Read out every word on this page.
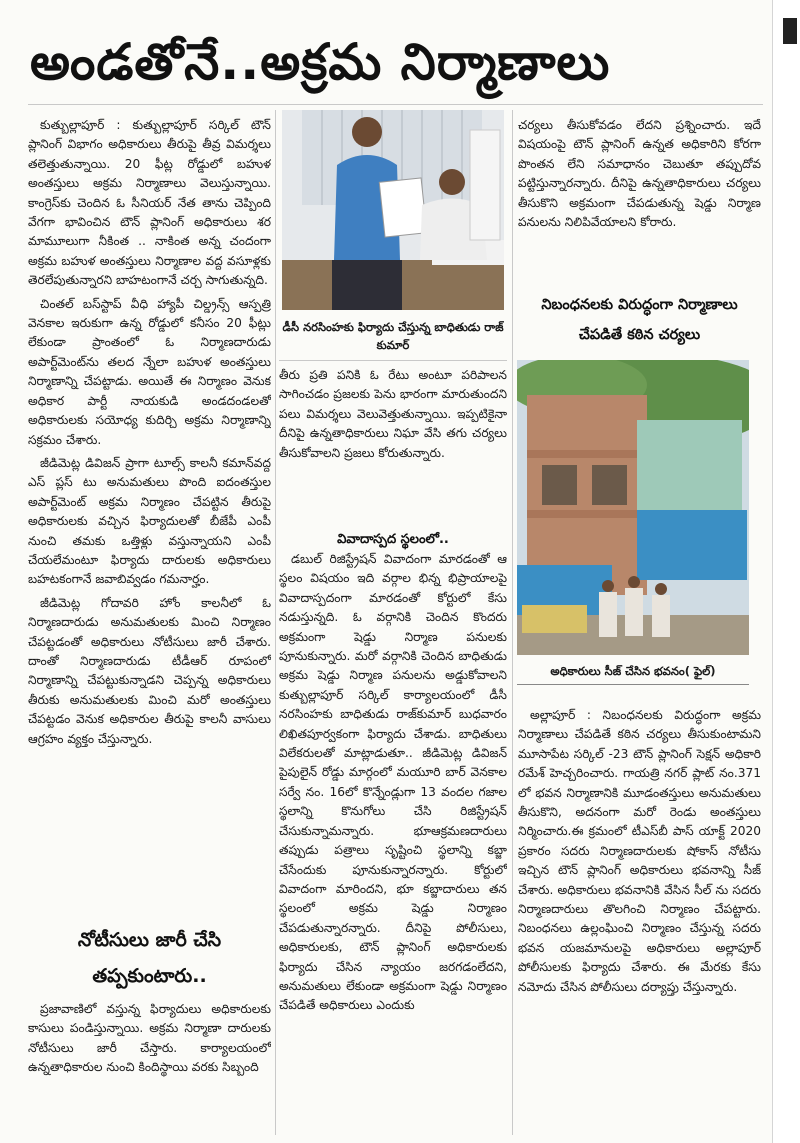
అండతోనే..అక్రమ నిర్మాణాలు

కుత్బుల్లాపూర్ : కుత్బుల్లాపూర్ సర్కిల్ టౌన్ ప్లానింగ్ విభాగం అధికారులు తీరుపై తీవ్ర విమర్శలు తలెత్తుతున్నాయి. 20 ఫీట్ల రోడ్డులో బహుళ అంతస్తులు అక్రమ నిర్మాణాలు వెలుస్తున్నాయి. కాంగ్రెస్‌కు చెందిన ఓ సీనియర్ నేత తాను చెప్పింది వేగగా భావించిన టౌన్ ప్లానింగ్ అధికారులు శర మామూలుగా నీకింత .. నాకింత అన్న చందంగా అక్రమ బహుళ అంతస్తులు నిర్మాణాల వద్ద వసూళ్లకు తెరలేపుతున్నారని బాహటంగానే చర్చ సాగుతున్నది.

చింతల్ బస్‌స్టాప్ వీధి హ్యాపీ చిల్డ్రన్స్ ఆస్పత్రి వెనకాల ఇరుకుగా ఉన్న రోడ్డులో కనీసం 20 ఫీట్లు లేకుండా ప్రాంతంలో ఓ నిర్మాణదారుడు అపార్ట్‌మెంట్‌ను తలద న్నేలా బహుళ అంతస్తులు నిర్మాణాన్ని చేపట్టాడు. అయితే ఈ నిర్మాణం వెనుక అధికార పార్టీ నాయకుడి అండదండలతో అధికారులకు సయోధ్య కుదిర్చి అక్రమ నిర్మాణాన్ని సక్రమం చేశారు.

జీడిమెట్ల డివిజన్ ప్రాగా టూల్స్ కాలనీ కమాన్‌వద్ద ఎస్ ప్లస్ టు అనుమతులు పొంది ఐదంతస్తుల అపార్ట్‌మెంట్ అక్రమ నిర్మాణం చేపట్టిన తీరుపై అధికారులకు వచ్చిన ఫిర్యాదులతో బీజేపీ ఎంపీ నుంచి తమకు ఒత్తిళ్లు వస్తున్నాయని ఎంపీ చేయలేమంటూ ఫిర్యాదు దారులకు అధికారులు బహటకంగానే జవాబివ్వడం గమనార్హం.

జీడిమెట్ల గోదావరి హోం కాలనీలో ఓ నిర్మాణదారుడు అనుమతులకు మించి నిర్మాణం చేపట్టడంతో అధికారులు నోటీసులు జారీ చేశారు. దాంతో నిర్మాణదారుడు టీడీఆర్ రూపంలో నిర్మాణాన్ని చేపట్టుకున్నాడని చెప్పన్న అధికారులు తీరుకు అనుమతులకు మించి మరో అంతస్తులు చేపట్టడం వెనుక అధికారుల తీరుపై కాలనీ వాసులు ఆగ్రహం వ్యక్తం చేస్తున్నారు.

నోటీసులు జారీ చేసి తప్పకుంటారు..

ప్రజావాణిలో వస్తున్న ఫిర్యాదులు అధికారులకు కాసులు పండిస్తున్నాయి. అక్రమ నిర్మాణా దారులకు నోటీసులు జారీ చేస్తారు. కార్యాలయంలో ఉన్నతాధికారుల నుంచి కిందిస్థాయి వరకు సిబ్బంది

డీసీ నరసింహకు ఫిర్యాదు చేస్తున్న బాధితుడు రాజ్ కుమార్

తీరు ప్రతి పనికి ఓ రేటు అంటూ పరిపాలన సాగించడం ప్రజలకు పెను భారంగా మారుతుందని పలు విమర్శలు వెలువెత్తుతున్నాయి. ఇప్పటికైనా దీనిపై ఉన్నతాధికారులు నిఘా వేసి తగు చర్యలు తీసుకోవాలని ప్రజలు కోరుతున్నారు.

వివాదాస్పద స్థలంలో..

డబుల్ రిజిస్ట్రేషన్ వివాదంగా మారడంతో ఆ స్థలం విషయం ఇది వర్గాల భిన్న భిప్రాయాలపై వివాదాస్పదంగా మారడంతో కోర్టులో కేసు నడుస్తున్నది. ఓ వర్గానికి చెందిన కొందరు అక్రమంగా షెడ్డు నిర్మాణ పనులకు పూనుకున్నారు. మరో వర్గానికి చెందిన బాధితుడు అక్రమ షెడ్డు నిర్మాణ పనులను అడ్డుకోవాలని కుత్బుల్లాపూర్ సర్కిల్ కార్యాలయంలో డీసీ నరసింహకు బాధితుడు రాజ్‌కుమార్ బుధవారం లిఖితపూర్వకంగా ఫిర్యాదు చేశాడు. బాధితులు విలేకరులతో మాట్లాడుతూ.. జీడిమెట్ల డివిజన్ పైపులైన్ రోడ్డు మార్గంలో మయూరి బార్ వెనకాల సర్వే నం. 16లో కొన్నేండ్లుగా 13 వందల గజాల స్థలాన్ని కొనుగోలు చేసి రిజిస్ట్రేషన్ చేసుకున్నామన్నారు. భూఆక్రమణదారులు తప్పుడు పత్రాలు సృష్టించి స్థలాన్ని కబ్జా చేసేందుకు పూనుకున్నారన్నారు. కోర్టులో వివాదంగా మారిందని, భూ కబ్జాదారులు తన స్థలంలో అక్రమ షెడ్డు నిర్మాణం చేపడుతున్నారన్నారు. దీనిపై పోలీసులు, అధికారులకు, టౌన్ ప్లానింగ్ అధికారులకు ఫిర్యాదు చేసిన న్యాయం జరగడంలేదని, అనుమతులు లేకుండా అక్రమంగా షెడ్డు నిర్మాణం చేపడితే అధికారులు ఎందుకు

చర్యలు తీసుకోవడం లేదని ప్రశ్నించారు. ఇదే విషయంపై టౌన్ ప్లానింగ్ ఉన్నత అధికారిని కోరగా పొంతన లేని సమాధానం చెబుతూ తప్పుదోవ పట్టిస్తున్నారన్నారు. దీనిపై ఉన్నతాధికారులు చర్యలు తీసుకొని అక్రమంగా చేపడుతున్న షెడ్డు నిర్మాణ పనులను నిలిపివేయాలని కోరారు.

నిబంధనలకు విరుద్ధంగా నిర్మాణాలు చేపడితే కఠిన చర్యలు
అధికారులు సీజ్ చేసిన భవనం( ఫైల్)

అల్లాపూర్ : నిబంధనలకు విరుద్ధంగా అక్రమ నిర్మాణాలు చేపడితే కఠిన చర్యలు తీసుకుంటామని మూసాపేట సర్కిల్ -23 టౌన్ ప్లానింగ్ సెక్షన్ అధికారి రమేశ్ హెచ్చరించారు. గాయత్రి నగర్ ప్లాట్ నం.371 లో భవన నిర్మాణానికి మూడంతస్తులు అనుమతులు తీసుకొని, అదనంగా మరో రెండు అంతస్తులు నిర్మించారు.ఈ క్రమంలో టీఎస్‌బీ పాస్ యాక్ట్ 2020 ప్రకారం సదరు నిర్మాణదారులకు షోకాస్ నోటీసు ఇచ్చిన టౌన్ ప్లానింగ్ అధికారులు భవనాన్ని సీజ్ చేశారు. అధికారులు భవనానికి వేసిన సీల్ ను సదరు నిర్మాణదారులు తొలగించి నిర్మాణం చేపట్టారు. నిబంధనలు ఉల్లంఘించి నిర్మాణం చేస్తున్న సదరు భవన యజమానులపై అధికారులు అల్లాపూర్ పోలీసులకు ఫిర్యాదు చేశారు. ఈ మేరకు కేసు నమోదు చేసిన పోలీసులు దర్యాప్తు చేస్తున్నారు.
